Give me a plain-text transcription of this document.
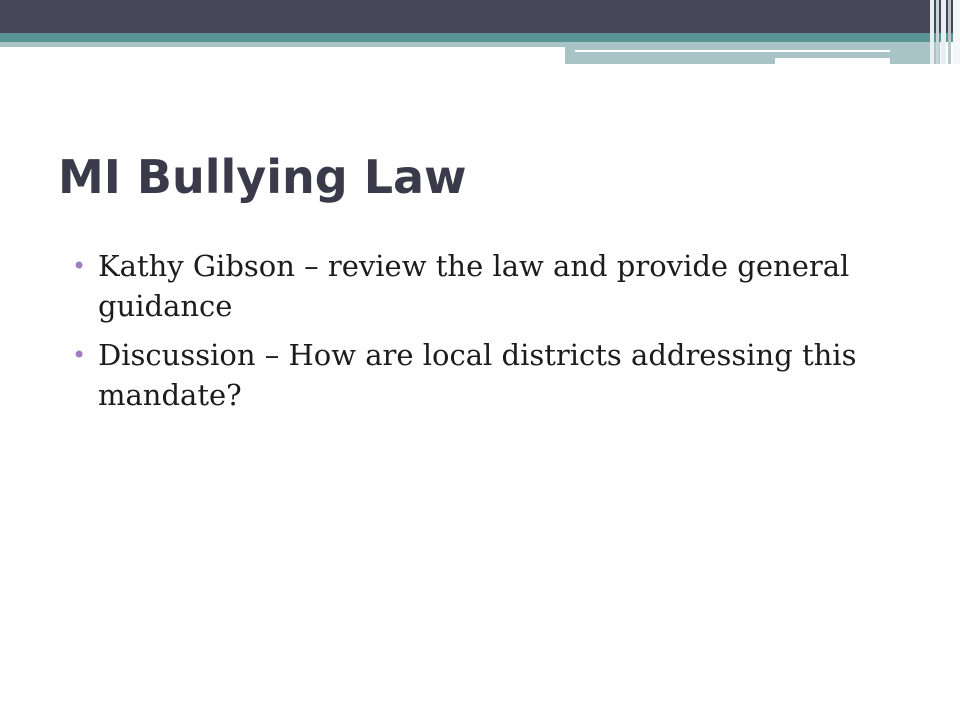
MI Bullying Law
• Kathy Gibson – review the law and provide general guidance
• Discussion – How are local districts addressing this mandate?
